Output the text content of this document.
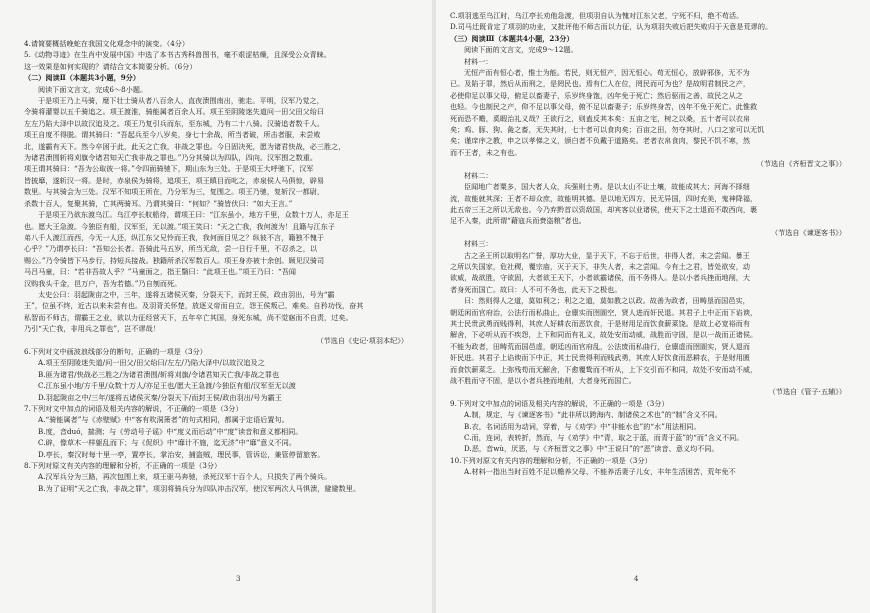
4.请简要概括晚蛇在我国文化观念中的演变。（4分）
5.《动物寻迹》在生肖中发展中国》中选了本书古秀科兽图书，毫不艰涩枯燥，且深受公众青睐。
这一效果是如何实现的？请结合文本简要分析。（6分）
（二）阅读Ⅱ（本题共3小题，9分）
阅读下面文言文，完成6～8小题。
于是项王乃上马骑，麾下壮士骑从者八百余人，直夜溃围南出，驰走。平明，汉军乃觉之，
令骑将灌婴以五千骑追之。项王渡淮，骑能属者百余人耳。项王至阴陵迷失道问一田父田父绐曰
左左乃陷大泽中以故汉追及之。项王乃复引兵而东，至东城，乃有二十八骑。汉骑追者数千人。
项王自度不得脱。谓其骑曰：“吾起兵至今八岁矣，身七十余战，所当者破，所击者服，未尝败
北，遂霸有天下。然今卒困于此，此天之亡我，非战之罪也。今日固决死，愿为诸君快战，必三胜之，
为诸君溃围斩将刈旗令诸君知天亡我非战之罪也。”乃分其骑以为四队，四向。汉军围之数重。
项王谓其骑曰：“吾为公取彼一将。”令四面骑驰下，期山东为三处。于是项王大呼驰下，汉军
皆披靡，遂斩汉一将。是时，赤泉侯为骑将，追项王，项王瞋目而叱之，赤泉侯人马俱惊，辟易
数里。与其骑会为三处。汉军不知项王所在，乃分军为三，复围之。项王乃驰，复斩汉一都尉，
杀数十百人，复聚其骑，亡其两骑耳。乃谓其骑曰：“何如？”骑皆伏曰：“如大王言。”
于是项王乃欲东渡乌江。乌江亭长舣船待，谓项王曰：“江东虽小，地方千里，众数十万人，亦足王
也。愿大王急渡。今独臣有船，汉军至，无以渡。”项王笑曰：“天之亡我，我何渡为！且籍与江东子
弟八千人渡江而西，今无一人还，纵江东父兄怜而王我，我何面目见之？纵彼不言，籍独不愧于
心乎？”乃谓亭长曰：“吾知公长者。吾骑此马五岁，所当无敌，尝一日行千里，不忍杀之，以
赐公。”乃令骑皆下马步行，持短兵接战。独籍所杀汉军数百人。项王身亦被十余创。顾见汉骑司
马吕马童，曰：“若非吾故人乎？”马童面之，指王翳曰：“此项王也。”项王乃曰：“吾闻
汉购我头千金，邑万户，吾为若德。”乃自刎而死。
太史公曰：羽起陇亩之中，三年，遂将五诸侯灭秦，分裂天下，而封王侯，政由羽出，号为“霸
王”，位虽不终，近古以来未尝有也。及羽背关怀楚，放逐义帝而自立，怨王侯叛己，难矣。自矜功伐，奋其
私智而不师古，谓霸王之业，欲以力征经营天下，五年卒亡其国，身死东城，尚不觉寤而不自责，过矣。
乃引“天亡我，非用兵之罪也”，岂不谬哉！
（节选自《史记·项羽本纪》）
6.下列对文中画波浪线部分的断句，正确的一项是（3分）
A.项王至阴陵迷失道/问一田父/田父绐曰/左左/乃陷大泽中/以故汉追及之
B.匪为诸君/快战必三胜之/为诸君溃围/斩将刈旗/令诸君知天亡我/非战之罪也
C.江东虽小地/方千里/众数十万人/亦足王也/愿大王急渡/今独臣有船/汉军至无以渡
D.羽起陇亩之中/三年/遂将五诸侯灭秦/分裂天下/而封王侯/政由羽出/号为霸王
7.下列对文中加点的词语及相关内容的解说，不正确的一项是（3分）
A.“骑能属者”与《赤壁赋》中“客有吹洞箫者”的句式相同，都属于定语后置句。
B.度，音duó，揣测；与《劳动号子谣》中“度义而后动”中“度”读音和意义都相同。
C.辟，像草木一样躯乱而下；与《促织》中“靡计不施，迄无济”中“靡”意义不同。
D.亭长，秦汉时每十里一亭，置亭长，掌治安，捕盗贼，理民事，管诉讼，兼管停留旅客。
8.下列对原文有关内容的理解和分析，不正确的一项是（3分）
A.汉军兵分为三路，再次包围上来，项王驱马奔驰，杀死汉军十百个人，只损失了两个骑兵。
B.为了证明“天之亡我，非战之罪”，项羽将骑兵分为四队冲击汉军，使汉军两次人马惧溃，避避数里。
3
C.项羽逃至乌江时，乌江亭长劝他急渡，但项羽自认为愧对江东父老，宁死不归，绝不苟活。
D.司马迁既肯定了项羽的功业，又批评他不师古而以力征，认为项羽失败后把失败归于天意是荒谬的。
（三）阅读Ⅲ（本题共4小题，23分）
阅读下面的文言文，完成9～12题。
材料一：
无恒产而有恒心者，惟士为能。若民，则无恒产，因无恒心。苟无恒心，放辟邪侈，无不为
已。及陷于罪，然后从而刑之，是罔民也。焉有仁人在位，罔民而可为也？是故明君制民之产，
必使仰足以事父母，俯足以畜妻子，乐岁终身饱，凶年免于死亡；然后驱而之善，故民之从之
也轻。今也制民之产，仰不足以事父母，俯不足以畜妻子；乐岁终身苦，凶年不免于死亡。此惟救
死而恐不赡，奚暇治礼义哉？王欲行之，则盍反其本矣：五亩之宅，树之以桑，五十者可以衣帛
矣；鸡、豚、狗、彘之畜，无失其时，七十者可以食肉矣；百亩之田，勿夺其时，八口之家可以无饥
矣；谨庠序之教，申之以孝悌之义，颁白者不负戴于道路矣。老者衣帛食肉，黎民不饥不寒，然
而不王者，未之有也。
（节选自《齐桓晋文之事》）
材料二：
臣闻地广者粟多，国大者人众，兵强则士勇。是以太山不让土壤，故能成其大；河海不择细
流，故能就其深；王者不却众庶，故能明其德。是以地无四方，民无异国，四时充美，鬼神降福，
此五帝三王之所以无敌也。今乃弃黔首以资敌国，却宾客以业诸侯，使天下之士退而不敢西向，裹
足不入秦，此所谓“藉寇兵而赍盗粮”者也。
（节选自《谏逐客书》）
材料三：
古之圣王所以取明名广誉，厚功大业，显于天下，不忘于后世，非得人者，未之尝闻。暴王
之所以失国家，危社稷，覆宗庙，灭于天下，非失人者，未之尝闻。今有土之君，皆处欲安，动
欲威，战欲胜，守欲固，大者欲王天下，小者欲霸诸侯，而不务得人。是以小者兵挫而地削，大
者身死而国亡。故曰：人不可不务也，此天下之极也。
曰：然则得人之道，莫如利之；利之之道，莫如教之以政。故善为政者，田畴垦而国邑实，
朝廷闲而官府治，公法行而私曲止，仓廪实而囹圄空，贤人进而奸民退。其君子上中正而下谄谀，
其士民贵武勇而贱得利，其庶人好耕农而恶饮食，于是财用足而饮食薪菜饶。是故上必宽裕而有
解舍，下必听从而不疾怨，上下和同而有礼义，故处安而动威，战胜而守固，是以一战而正诸侯。
不能为政者，田畴荒而国邑虚，朝廷凶而官府乱，公法废而私曲行，仓廪虚而囹圄实，贤人退而
奸民进。其君子上谄谀而下中正，其士民贵得利而贱武勇，其庶人好饮食而恶耕农，于是财用匮
而食饮薪菜乏。上弥残苟而无解舍，下愈覆鸷而不听从，上下交引而不和同，故处不安而动不威，
战不胜而守不固，是以小者兵挫而地削，大者身死而国亡。
（节选自《管子·五辅》）
9.下列对文中加点的词语及相关内容的解说，不正确的一项是（3分）
A.制，规定，与《谏逐客书》“此非所以跨海内、制诸侯之术也”的“制”含义不同。
B.衣，名词活用为动词，穿着，与《劝学》中“非能水也”的“水”用法相同。
C.而，连词，表转折，然而，与《劝学》中“青，取之于蓝，而青于蓝”的“而”含义不同。
D.恶，音wù，厌恶，与《齐桓晋文之事》中“王说曰”的“恶”读音、意义均不同。
10.下列对原文有关内容的理解和分析，不正确的一项是（3分）
A.材料一指出当时百姓不足以赡养父母、不能养活妻子儿女，丰年生活困苦，荒年免不
4
